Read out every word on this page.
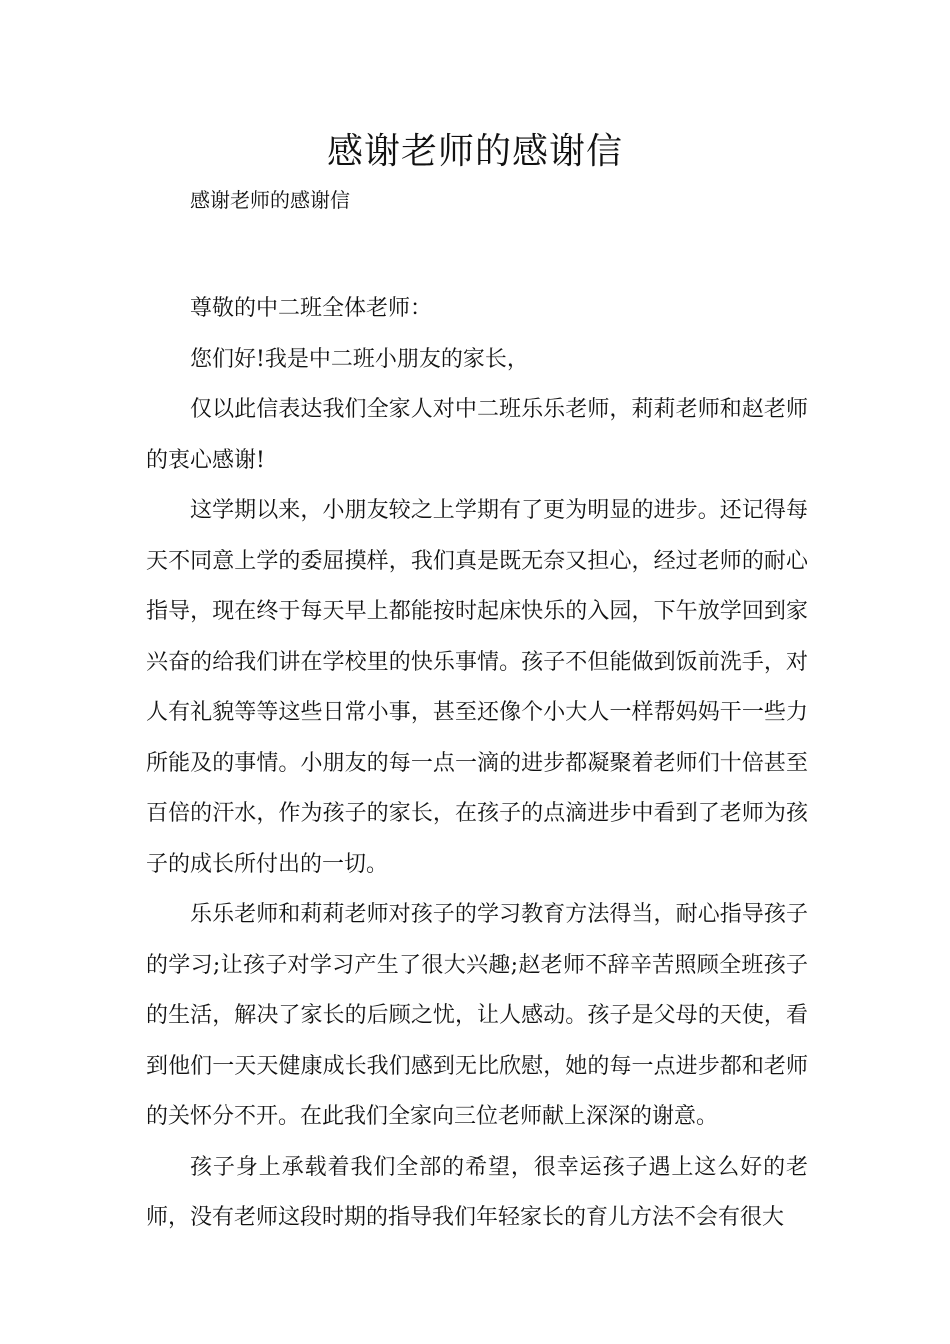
感谢老师的感谢信

感谢老师的感谢信

尊敬的中二班全体老师：

您们好!我是中二班小朋友的家长，

仅以此信表达我们全家人对中二班乐乐老师，莉莉老师和赵老师的衷心感谢!

这学期以来，小朋友较之上学期有了更为明显的进步。还记得每天不同意上学的委屈摸样，我们真是既无奈又担心，经过老师的耐心指导，现在终于每天早上都能按时起床快乐的入园，下午放学回到家兴奋的给我们讲在学校里的快乐事情。孩子不但能做到饭前洗手，对人有礼貌等等这些日常小事，甚至还像个小大人一样帮妈妈干一些力所能及的事情。小朋友的每一点一滴的进步都凝聚着老师们十倍甚至百倍的汗水，作为孩子的家长，在孩子的点滴进步中看到了老师为孩子的成长所付出的一切。

乐乐老师和莉莉老师对孩子的学习教育方法得当，耐心指导孩子的学习;让孩子对学习产生了很大兴趣;赵老师不辞辛苦照顾全班孩子的生活，解决了家长的后顾之忧，让人感动。孩子是父母的天使，看到他们一天天健康成长我们感到无比欣慰，她的每一点进步都和老师的关怀分不开。在此我们全家向三位老师献上深深的谢意。

孩子身上承载着我们全部的希望，很幸运孩子遇上这么好的老师，没有老师这段时期的指导我们年轻家长的育儿方法不会有很大
